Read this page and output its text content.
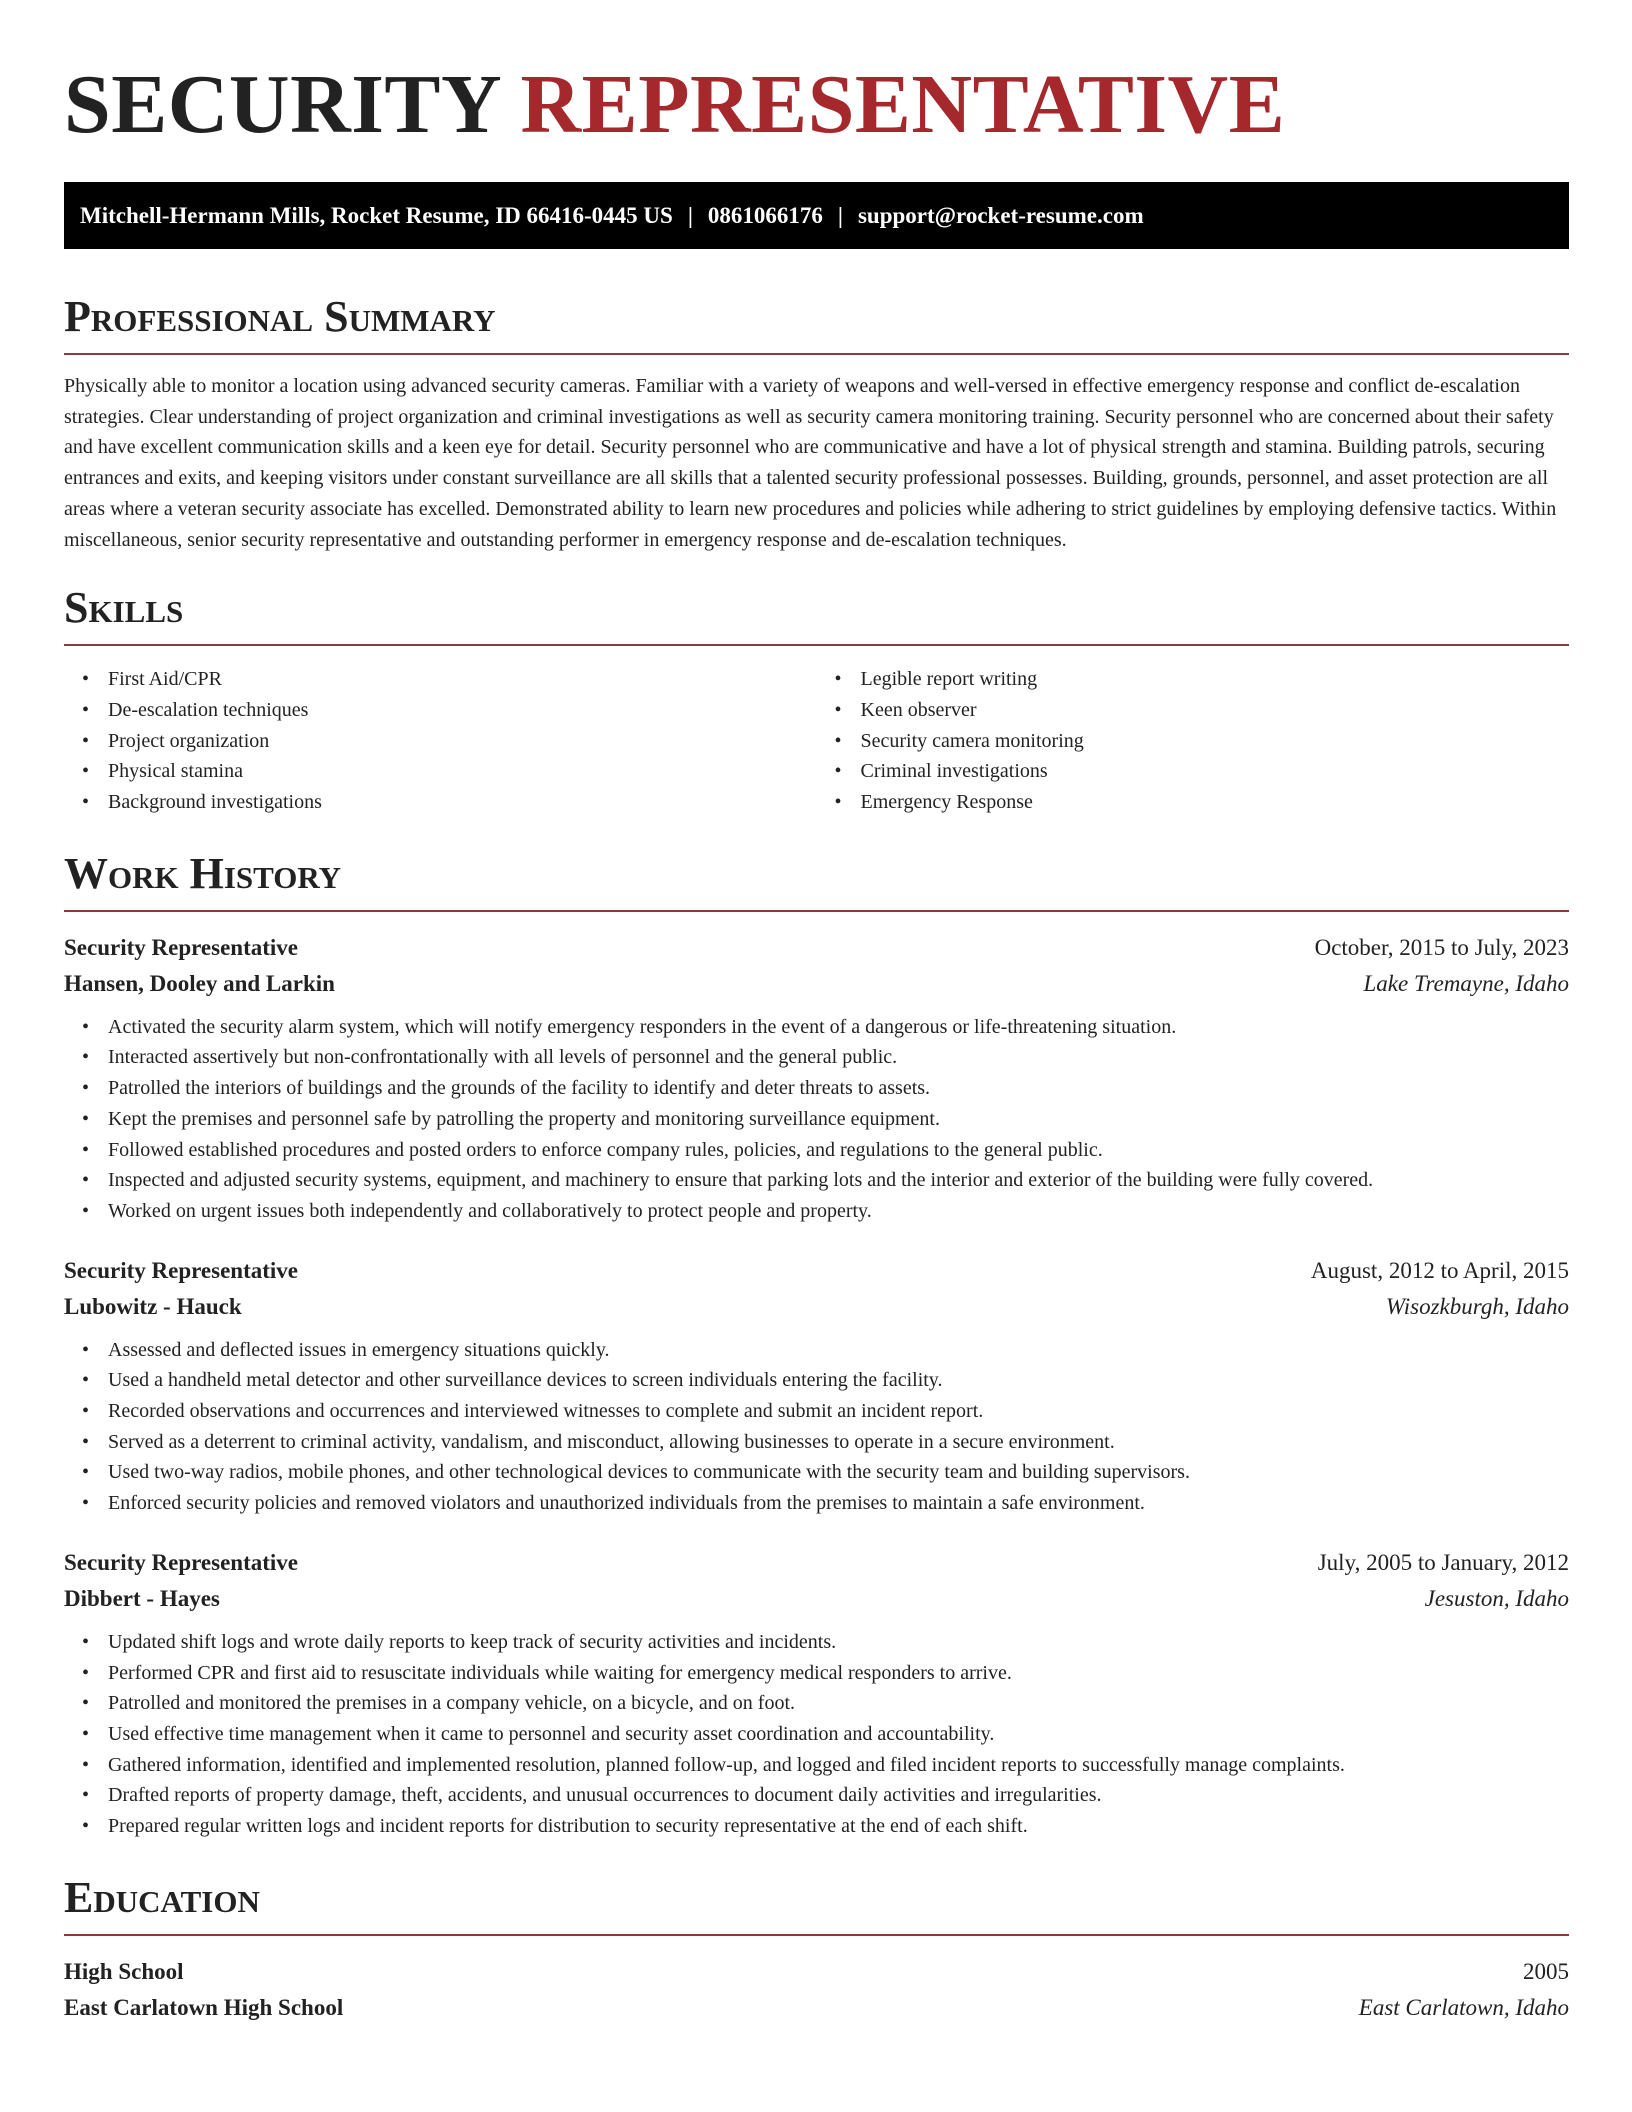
SECURITY REPRESENTATIVE
Mitchell-Hermann Mills, Rocket Resume, ID 66416-0445 US | 0861066176 | support@rocket-resume.com
Professional Summary

Physically able to monitor a location using advanced security cameras. Familiar with a variety of weapons and well-versed in effective emergency response and conflict de-escalation strategies. Clear understanding of project organization and criminal investigations as well as security camera monitoring training. Security personnel who are concerned about their safety and have excellent communication skills and a keen eye for detail. Security personnel who are communicative and have a lot of physical strength and stamina. Building patrols, securing entrances and exits, and keeping visitors under constant surveillance are all skills that a talented security professional possesses. Building, grounds, personnel, and asset protection are all areas where a veteran security associate has excelled. Demonstrated ability to learn new procedures and policies while adhering to strict guidelines by employing defensive tactics. Within miscellaneous, senior security representative and outstanding performer in emergency response and de-escalation techniques.

Skills
• First Aid/CPR
• De-escalation techniques
• Project organization
• Physical stamina
• Background investigations
• Legible report writing
• Keen observer
• Security camera monitoring
• Criminal investigations
• Emergency Response
Work History
Security Representative	October, 2015 to July, 2023
Hansen, Dooley and Larkin	Lake Tremayne, Idaho
• Activated the security alarm system, which will notify emergency responders in the event of a dangerous or life-threatening situation.
• Interacted assertively but non-confrontationally with all levels of personnel and the general public.
• Patrolled the interiors of buildings and the grounds of the facility to identify and deter threats to assets.
• Kept the premises and personnel safe by patrolling the property and monitoring surveillance equipment.
• Followed established procedures and posted orders to enforce company rules, policies, and regulations to the general public.
• Inspected and adjusted security systems, equipment, and machinery to ensure that parking lots and the interior and exterior of the building were fully covered.
• Worked on urgent issues both independently and collaboratively to protect people and property.
Security Representative	August, 2012 to April, 2015
Lubowitz - Hauck	Wisozkburgh, Idaho
• Assessed and deflected issues in emergency situations quickly.
• Used a handheld metal detector and other surveillance devices to screen individuals entering the facility.
• Recorded observations and occurrences and interviewed witnesses to complete and submit an incident report.
• Served as a deterrent to criminal activity, vandalism, and misconduct, allowing businesses to operate in a secure environment.
• Used two-way radios, mobile phones, and other technological devices to communicate with the security team and building supervisors.
• Enforced security policies and removed violators and unauthorized individuals from the premises to maintain a safe environment.
Security Representative	July, 2005 to January, 2012
Dibbert - Hayes	Jesuston, Idaho
• Updated shift logs and wrote daily reports to keep track of security activities and incidents.
• Performed CPR and first aid to resuscitate individuals while waiting for emergency medical responders to arrive.
• Patrolled and monitored the premises in a company vehicle, on a bicycle, and on foot.
• Used effective time management when it came to personnel and security asset coordination and accountability.
• Gathered information, identified and implemented resolution, planned follow-up, and logged and filed incident reports to successfully manage complaints.
• Drafted reports of property damage, theft, accidents, and unusual occurrences to document daily activities and irregularities.
• Prepared regular written logs and incident reports for distribution to security representative at the end of each shift.
Education
High School	2005
East Carlatown High School	East Carlatown, Idaho
